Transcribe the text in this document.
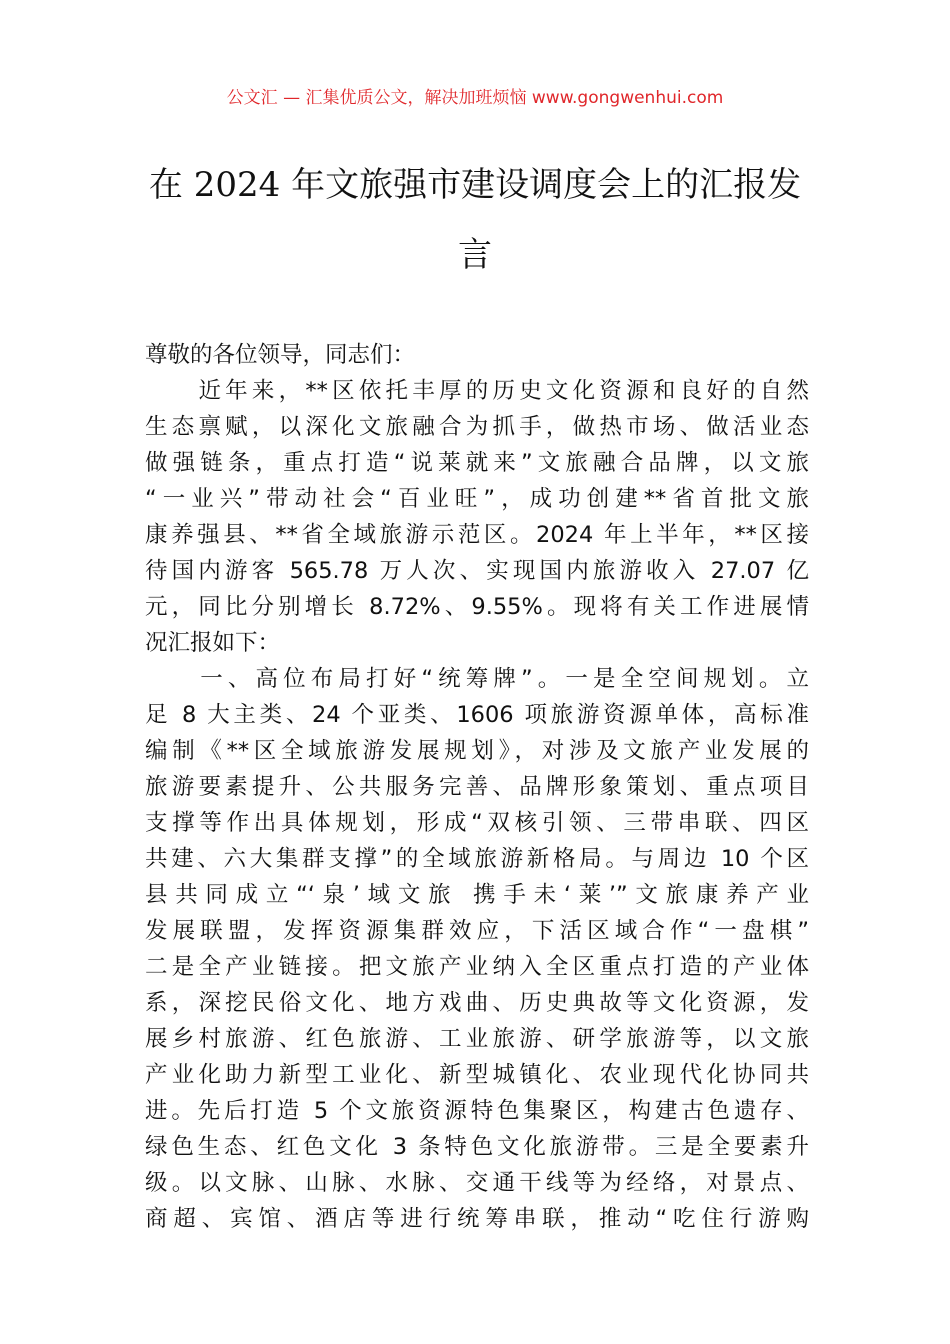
公文汇 — 汇集优质公文，解决加班烦恼 www.gongwenhui.com
在 2024 年文旅强市建设调度会上的汇报发
言
尊敬的各位领导，同志们：
　　近年来，**区依托丰厚的历史文化资源和良好的自然
生态禀赋，以深化文旅融合为抓手，做热市场、做活业态
做强链条，重点打造“说莱就来”文旅融合品牌，以文旅
“一业兴”带动社会“百业旺”，成功创建**省首批文旅
康养强县、**省全域旅游示范区。2024 年上半年，**区接
待国内游客 565.78 万人次、实现国内旅游收入 27.07 亿
元，同比分别增长 8.72%、9.55%。现将有关工作进展情
况汇报如下：
　　一、高位布局打好“统筹牌”。一是全空间规划。立
足 8 大主类、24 个亚类、1606 项旅游资源单体，高标准
编制《**区全域旅游发展规划》，对涉及文旅产业发展的
旅游要素提升、公共服务完善、品牌形象策划、重点项目
支撑等作出具体规划，形成“双核引领、三带串联、四区
共建、六大集群支撑”的全域旅游新格局。与周边 10 个区
县共同成立“‘泉’域文旅 携手未‘莱’”文旅康养产业
发展联盟，发挥资源集群效应，下活区域合作“一盘棋”
二是全产业链接。把文旅产业纳入全区重点打造的产业体
系，深挖民俗文化、地方戏曲、历史典故等文化资源，发
展乡村旅游、红色旅游、工业旅游、研学旅游等，以文旅
产业化助力新型工业化、新型城镇化、农业现代化协同共
进。先后打造 5 个文旅资源特色集聚区，构建古色遗存、
绿色生态、红色文化 3 条特色文化旅游带。三是全要素升
级。以文脉、山脉、水脉、交通干线等为经络，对景点、
商超、宾馆、酒店等进行统筹串联，推动“吃住行游购
